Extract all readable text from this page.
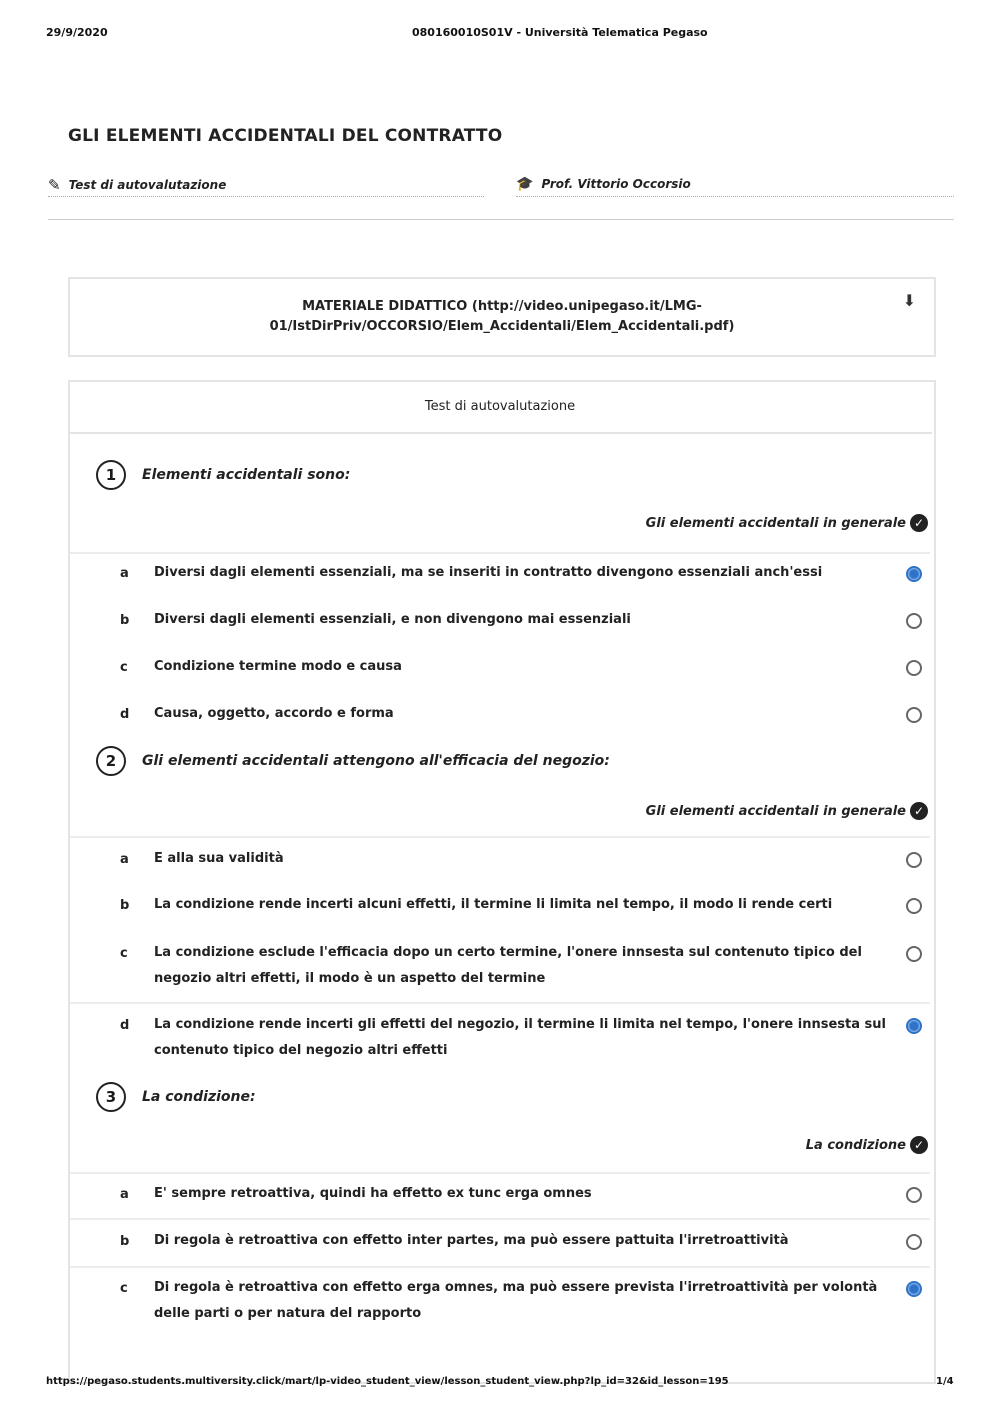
29/9/2020	080160010S01V - Università Telematica Pegaso
GLI ELEMENTI ACCIDENTALI DEL CONTRATTO
✎ Test di autovalutazione	🎓 Prof. Vittorio Occorsio
MATERIALE DIDATTICO (http://video.unipegaso.it/LMG-01/IstDirPriv/OCCORSIO/Elem_Accidentali/Elem_Accidentali.pdf)
⬇
Test di autovalutazione
1	Elementi accidentali sono:
Gli elementi accidentali in generale ✓
a Diversi dagli elementi essenziali, ma se inseriti in contratto divengono essenziali anch'essi
b Diversi dagli elementi essenziali, e non divengono mai essenziali
c Condizione termine modo e causa
d Causa, oggetto, accordo e forma
2	Gli elementi accidentali attengono all'efficacia del negozio:
Gli elementi accidentali in generale ✓
a E alla sua validità
b La condizione rende incerti alcuni effetti, il termine li limita nel tempo, il modo li rende certi
c La condizione esclude l'efficacia dopo un certo termine, l'onere innsesta sul contenuto tipico del negozio altri effetti, il modo è un aspetto del termine
d La condizione rende incerti gli effetti del negozio, il termine li limita nel tempo, l'onere innsesta sul contenuto tipico del negozio altri effetti
3	La condizione:
La condizione ✓
a E' sempre retroattiva, quindi ha effetto ex tunc erga omnes
b Di regola è retroattiva con effetto inter partes, ma può essere pattuita l'irretroattività
c Di regola è retroattiva con effetto erga omnes, ma può essere prevista l'irretroattività per volontà delle parti o per natura del rapporto
https://pegaso.students.multiversity.click/mart/lp-video_student_view/lesson_student_view.php?lp_id=32&id_lesson=195	1/4
